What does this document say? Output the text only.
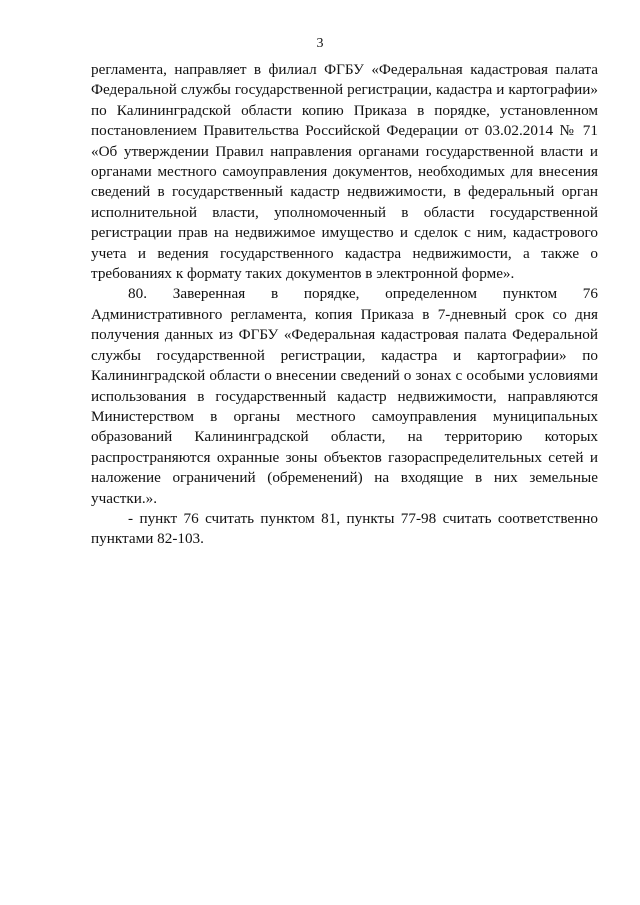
3

регламента, направляет в филиал ФГБУ «Федеральная кадастровая палата Федеральной службы государственной регистрации, кадастра и картографии» по Калининградской области копию Приказа в порядке, установленном постановлением Правительства Российской Федерации от 03.02.2014 № 71 «Об утверждении Правил направления органами государственной власти и органами местного самоуправления документов, необходимых для внесения сведений в государственный кадастр недвижимости, в федеральный орган исполнительной власти, уполномоченный в области государственной регистрации прав на недвижимое имущество и сделок с ним, кадастрового учета и ведения государственного кадастра недвижимости, а также о требованиях к формату таких документов в электронной форме».

80. Заверенная в порядке, определенном пунктом 76 Административного регламента, копия Приказа в 7-дневный срок со дня получения данных из ФГБУ «Федеральная кадастровая палата Федеральной службы государственной регистрации, кадастра и картографии» по Калининградской области о внесении сведений о зонах с особыми условиями использования в государственный кадастр недвижимости, направляются Министерством в органы местного самоуправления муниципальных образований Калининградской области, на территорию которых распространяются охранные зоны объектов газораспределительных сетей и наложение ограничений (обременений) на входящие в них земельные участки.».

- пункт 76 считать пунктом 81, пункты 77-98 считать соответственно пунктами 82-103.
